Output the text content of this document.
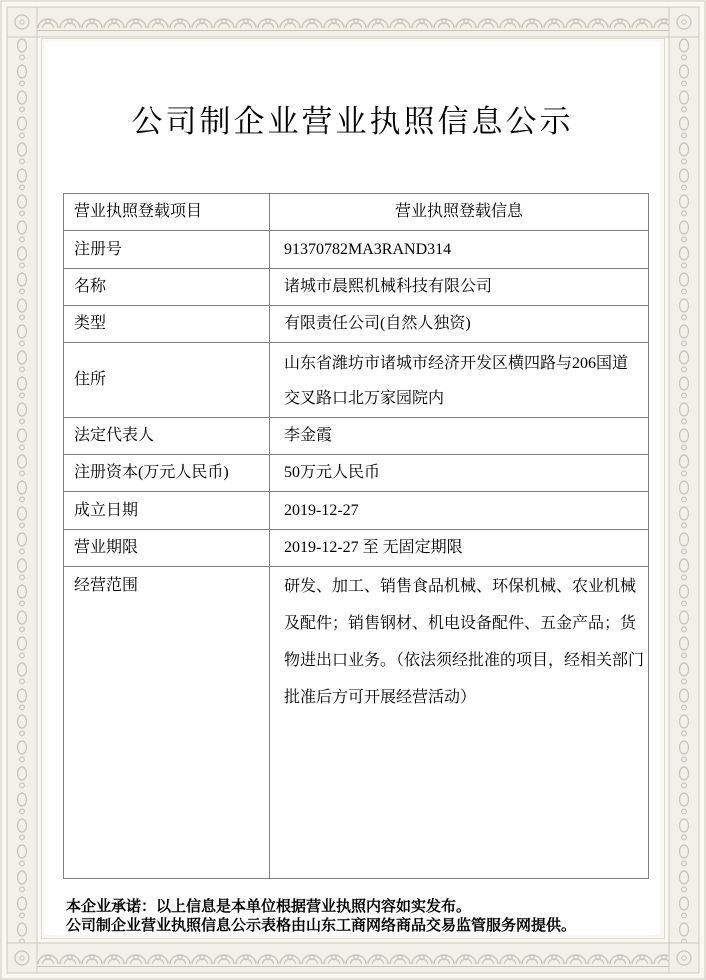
公司制企业营业执照信息公示
营业执照登载项目	营业执照登载信息
注册号	91370782MA3RAND314
名称	诸城市晨熙机械科技有限公司
类型	有限责任公司(自然人独资)
住所	山东省潍坊市诸城市经济开发区横四路与206国道交叉路口北万家园院内
法定代表人	李金霞
注册资本(万元人民币)	50万元人民币
成立日期	2019-12-27
营业期限	2019-12-27 至 无固定期限
经营范围	研发、加工、销售食品机械、环保机械、农业机械及配件；销售钢材、机电设备配件、五金产品；货物进出口业务。（依法须经批准的项目，经相关部门批准后方可开展经营活动）
本企业承诺：以上信息是本单位根据营业执照内容如实发布。
公司制企业营业执照信息公示表格由山东工商网络商品交易监管服务网提供。
